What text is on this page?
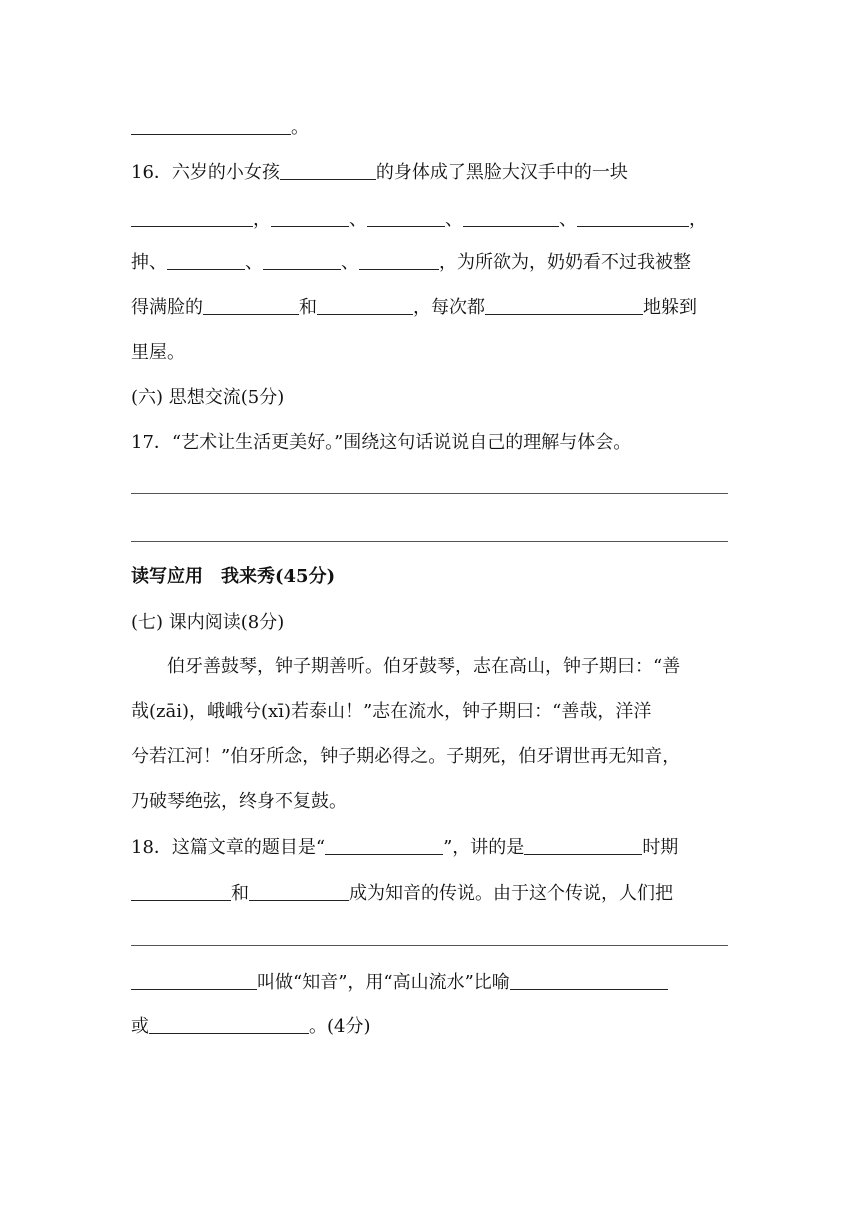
。
16．六岁的小女孩	的身体成了黑脸大汉手中的一块
，	、	、	、	，
抻、	、	、	，为所欲为，奶奶看不过我被整
得满脸的	和	，每次都	地躲到
里屋。
(六) 思想交流(5分)
17．“艺术让生活更美好。”围绕这句话说说自己的理解与体会。
读写应用　我来秀(45分)
(七) 课内阅读(8分)
伯牙善鼓琴，钟子期善听。伯牙鼓琴，志在高山，钟子期曰：“善
哉(zāi)，峨峨兮(xī)若泰山！”志在流水，钟子期曰：“善哉，洋洋
兮若江河！”伯牙所念，钟子期必得之。子期死，伯牙谓世再无知音，
乃破琴绝弦，终身不复鼓。
18．这篇文章的题目是“	”，讲的是	时期
和	成为知音的传说。由于这个传说，人们把
叫做“知音”，用“高山流水”比喻
或	。(4分)
